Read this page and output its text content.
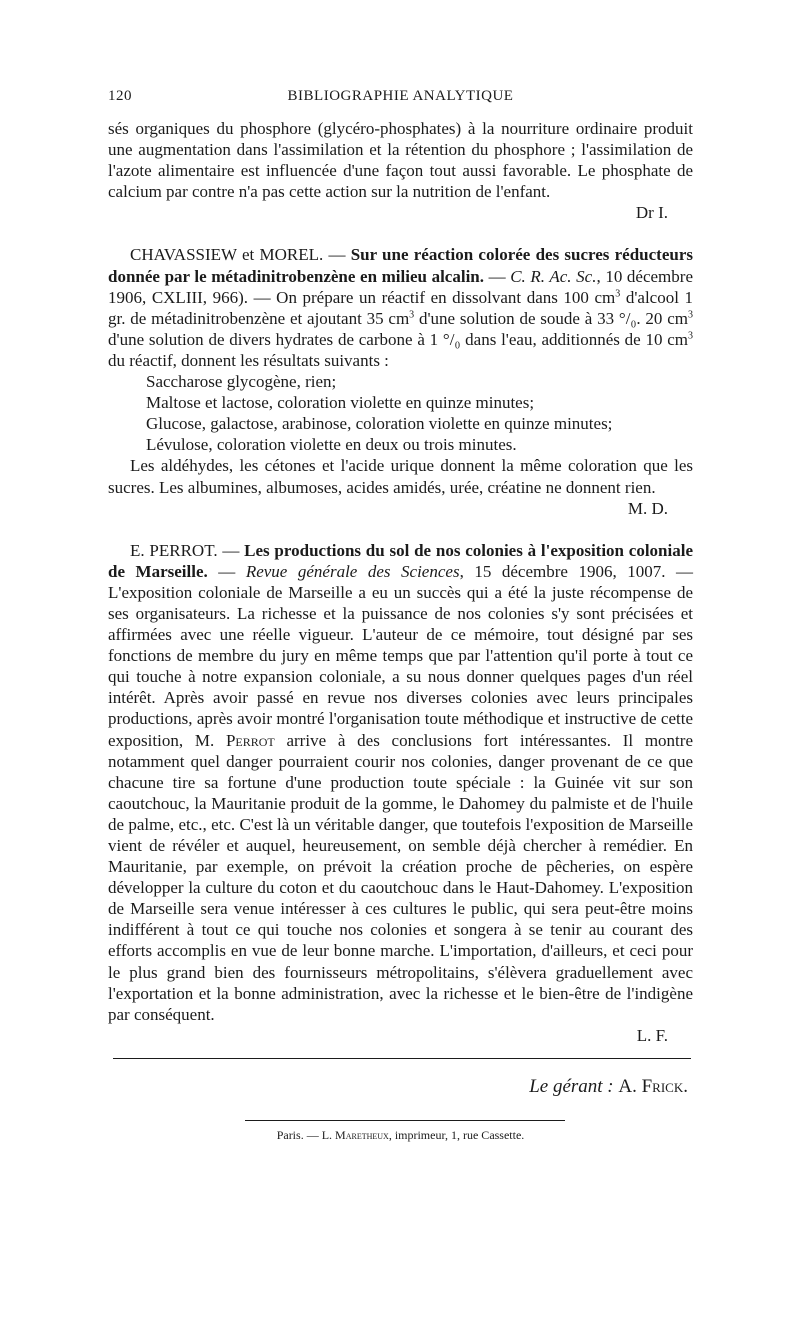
120	BIBLIOGRAPHIE ANALYTIQUE

sés organiques du phosphore (glycéro-phosphates) à la nourriture ordinaire produit une augmentation dans l'assimilation et la rétention du phosphore ; l'assimilation de l'azote alimentaire est influencée d'une façon tout aussi favorable. Le phosphate de calcium par contre n'a pas cette action sur la nutrition de l'enfant.

Dr I.

CHAVASSIEW et MOREL. — Sur une réaction colorée des sucres réducteurs donnée par le métadinitrobenzène en milieu alcalin. — C. R. Ac. Sc., 10 décembre 1906, CXLIII, 966). — On prépare un réactif en dissolvant dans 100 $cm^3$ d'alcool 1 gr. de métadinitrobenzène et ajoutant 35 $cm^3$ d'une solution de soude à 33 °/₀. 20 $cm^3$ d'une solution de divers hydrates de carbone à 1 °/₀ dans l'eau, additionnés de 10 $cm^3$ du réactif, donnent les résultats suivants :

Saccharose glycogène, rien;

Maltose et lactose, coloration violette en quinze minutes;

Glucose, galactose, arabinose, coloration violette en quinze minutes;

Lévulose, coloration violette en deux ou trois minutes.

Les aldéhydes, les cétones et l'acide urique donnent la même coloration que les sucres. Les albumines, albumoses, acides amidés, urée, créatine ne donnent rien.

M. D.

E. PERROT. — Les productions du sol de nos colonies à l'exposition coloniale de Marseille. — Revue générale des Sciences, 15 décembre 1906, 1007. — L'exposition coloniale de Marseille a eu un succès qui a été la juste récompense de ses organisateurs. La richesse et la puissance de nos colonies s'y sont précisées et affirmées avec une réelle vigueur. L'auteur de ce mémoire, tout désigné par ses fonctions de membre du jury en même temps que par l'attention qu'il porte à tout ce qui touche à notre expansion coloniale, a su nous donner quelques pages d'un réel intérêt. Après avoir passé en revue nos diverses colonies avec leurs principales productions, après avoir montré l'organisation toute méthodique et instructive de cette exposition, M. Perrot arrive à des conclusions fort intéressantes. Il montre notamment quel danger pourraient courir nos colonies, danger provenant de ce que chacune tire sa fortune d'une production toute spéciale : la Guinée vit sur son caoutchouc, la Mauritanie produit de la gomme, le Dahomey du palmiste et de l'huile de palme, etc., etc. C'est là un véritable danger, que toutefois l'exposition de Marseille vient de révéler et auquel, heureusement, on semble déjà chercher à remédier. En Mauritanie, par exemple, on prévoit la création proche de pêcheries, on espère développer la culture du coton et du caoutchouc dans le Haut-Dahomey. L'exposition de Marseille sera venue intéresser à ces cultures le public, qui sera peut-être moins indifférent à tout ce qui touche nos colonies et songera à se tenir au courant des efforts accomplis en vue de leur bonne marche. L'importation, d'ailleurs, et ceci pour le plus grand bien des fournisseurs métropolitains, s'élèvera graduellement avec l'exportation et la bonne administration, avec la richesse et le bien-être de l'indigène par conséquent.

L. F.

Le gérant : A. Frick.
Paris. — L. Maretheux, imprimeur, 1, rue Cassette.
